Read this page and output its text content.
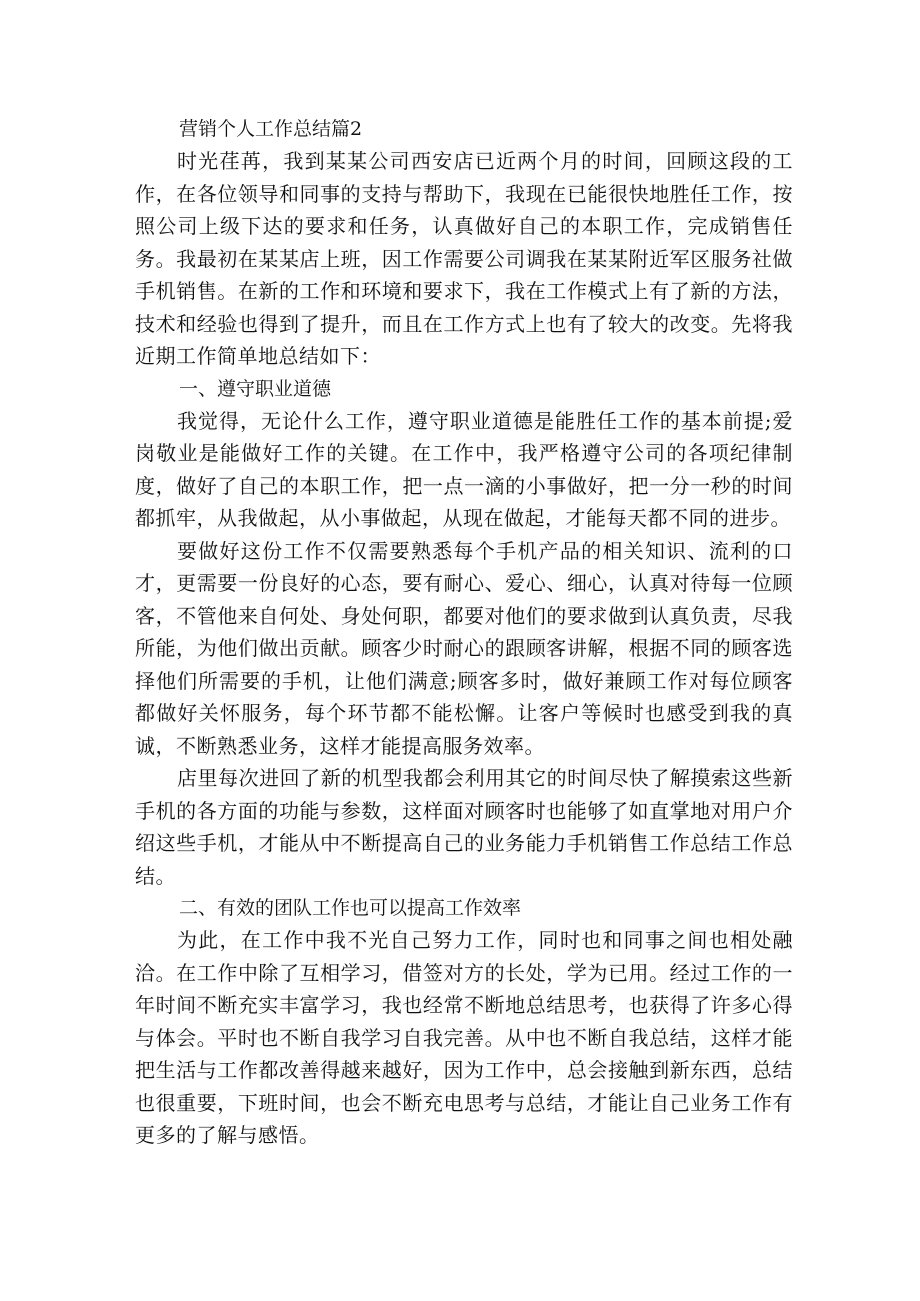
营销个人工作总结篇2

时光荏苒，我到某某公司西安店已近两个月的时间，回顾这段的工作，在各位领导和同事的支持与帮助下，我现在已能很快地胜任工作，按照公司上级下达的要求和任务，认真做好自己的本职工作，完成销售任务。我最初在某某店上班，因工作需要公司调我在某某附近军区服务社做手机销售。在新的工作和环境和要求下，我在工作模式上有了新的方法，技术和经验也得到了提升，而且在工作方式上也有了较大的改变。先将我近期工作简单地总结如下：

一、遵守职业道德

我觉得，无论什么工作，遵守职业道德是能胜任工作的基本前提;爱岗敬业是能做好工作的关键。在工作中，我严格遵守公司的各项纪律制度，做好了自己的本职工作，把一点一滴的小事做好，把一分一秒的时间都抓牢，从我做起，从小事做起，从现在做起，才能每天都不同的进步。

要做好这份工作不仅需要熟悉每个手机产品的相关知识、流利的口才，更需要一份良好的心态，要有耐心、爱心、细心，认真对待每一位顾客，不管他来自何处、身处何职，都要对他们的要求做到认真负责，尽我所能，为他们做出贡献。顾客少时耐心的跟顾客讲解，根据不同的顾客选择他们所需要的手机，让他们满意;顾客多时，做好兼顾工作对每位顾客都做好关怀服务，每个环节都不能松懈。让客户等候时也感受到我的真诚，不断熟悉业务，这样才能提高服务效率。

店里每次进回了新的机型我都会利用其它的时间尽快了解摸索这些新手机的各方面的功能与参数，这样面对顾客时也能够了如直掌地对用户介绍这些手机，才能从中不断提高自己的业务能力手机销售工作总结工作总结。

二、有效的团队工作也可以提高工作效率

为此，在工作中我不光自己努力工作，同时也和同事之间也相处融洽。在工作中除了互相学习，借签对方的长处，学为已用。经过工作的一年时间不断充实丰富学习，我也经常不断地总结思考，也获得了许多心得与体会。平时也不断自我学习自我完善。从中也不断自我总结，这样才能把生活与工作都改善得越来越好，因为工作中，总会接触到新东西，总结也很重要，下班时间，也会不断充电思考与总结，才能让自己业务工作有更多的了解与感悟。
